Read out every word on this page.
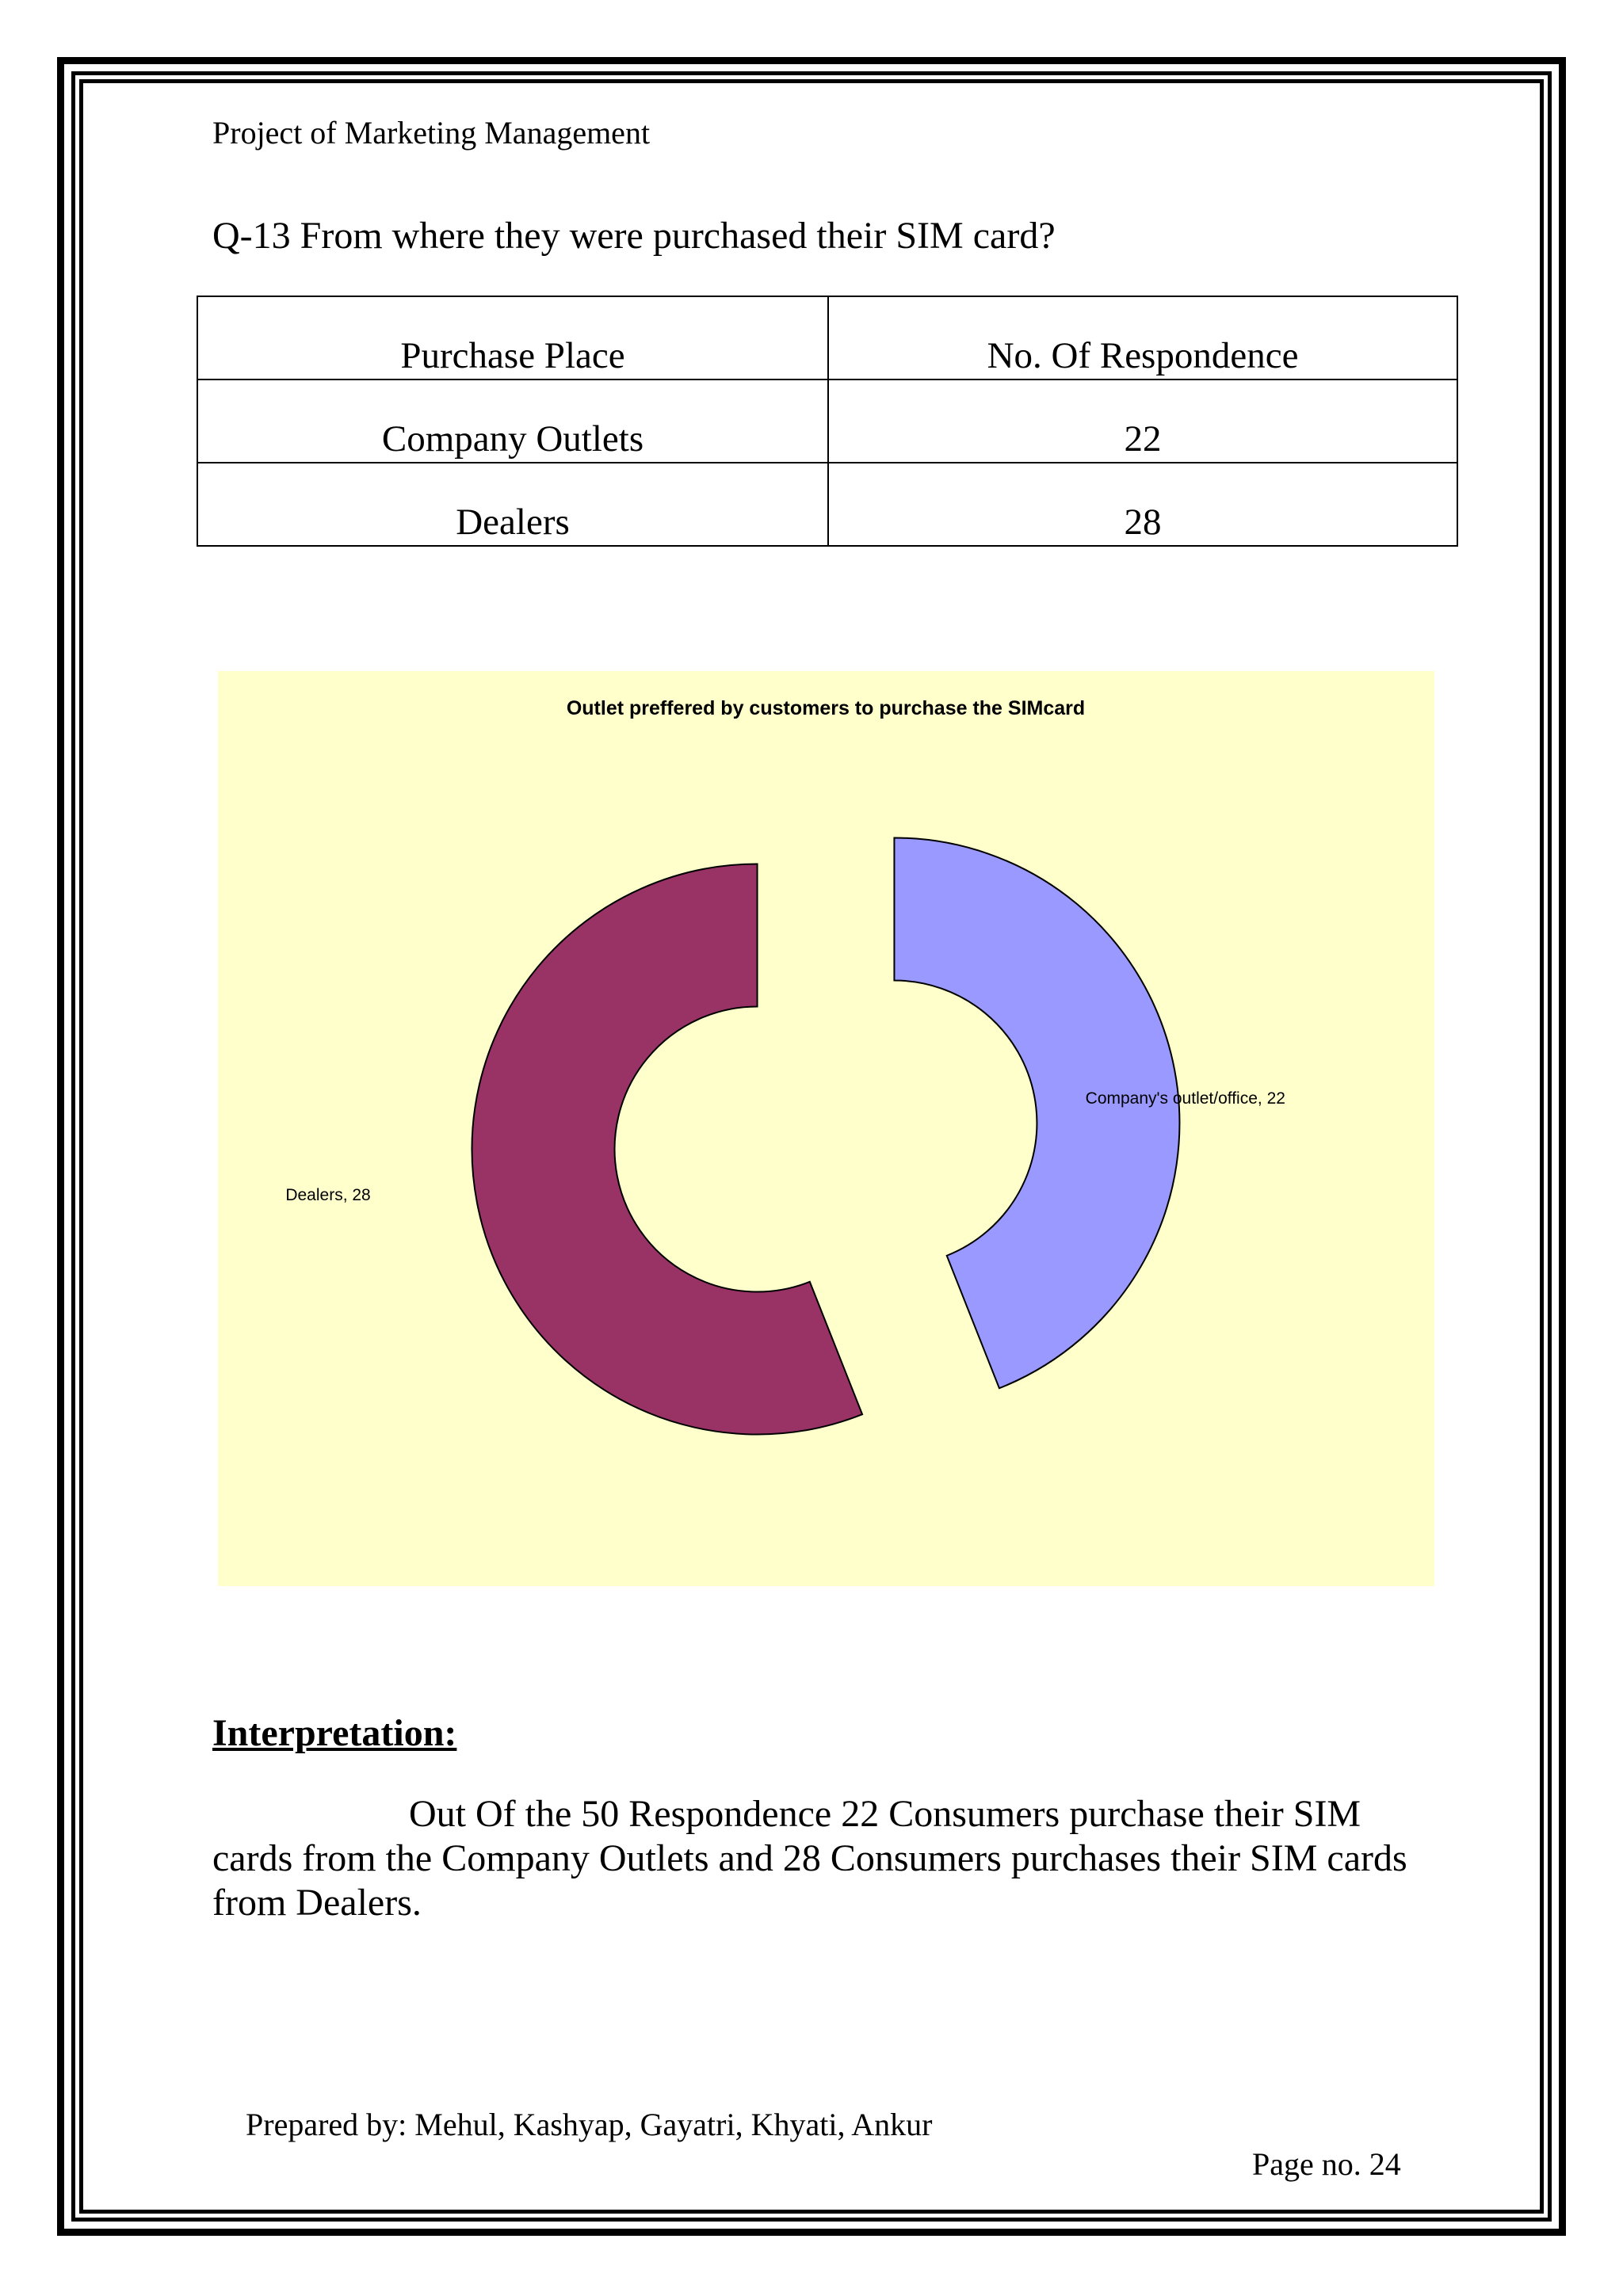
Project of Marketing Management
Q-13 From where they were purchased their SIM card?
Purchase Place	No. Of Respondence
Company Outlets	22
Dealers	28
Outlet preffered by customers to purchase the SIMcard
Company's outlet/office, 22
Dealers, 28
Interpretation:
Out Of the 50 Respondence 22 Consumers purchase their SIM cards from the Company Outlets and 28 Consumers purchases their SIM cards from Dealers.
Prepared by: Mehul, Kashyap, Gayatri, Khyati, Ankur
Page no. 24
